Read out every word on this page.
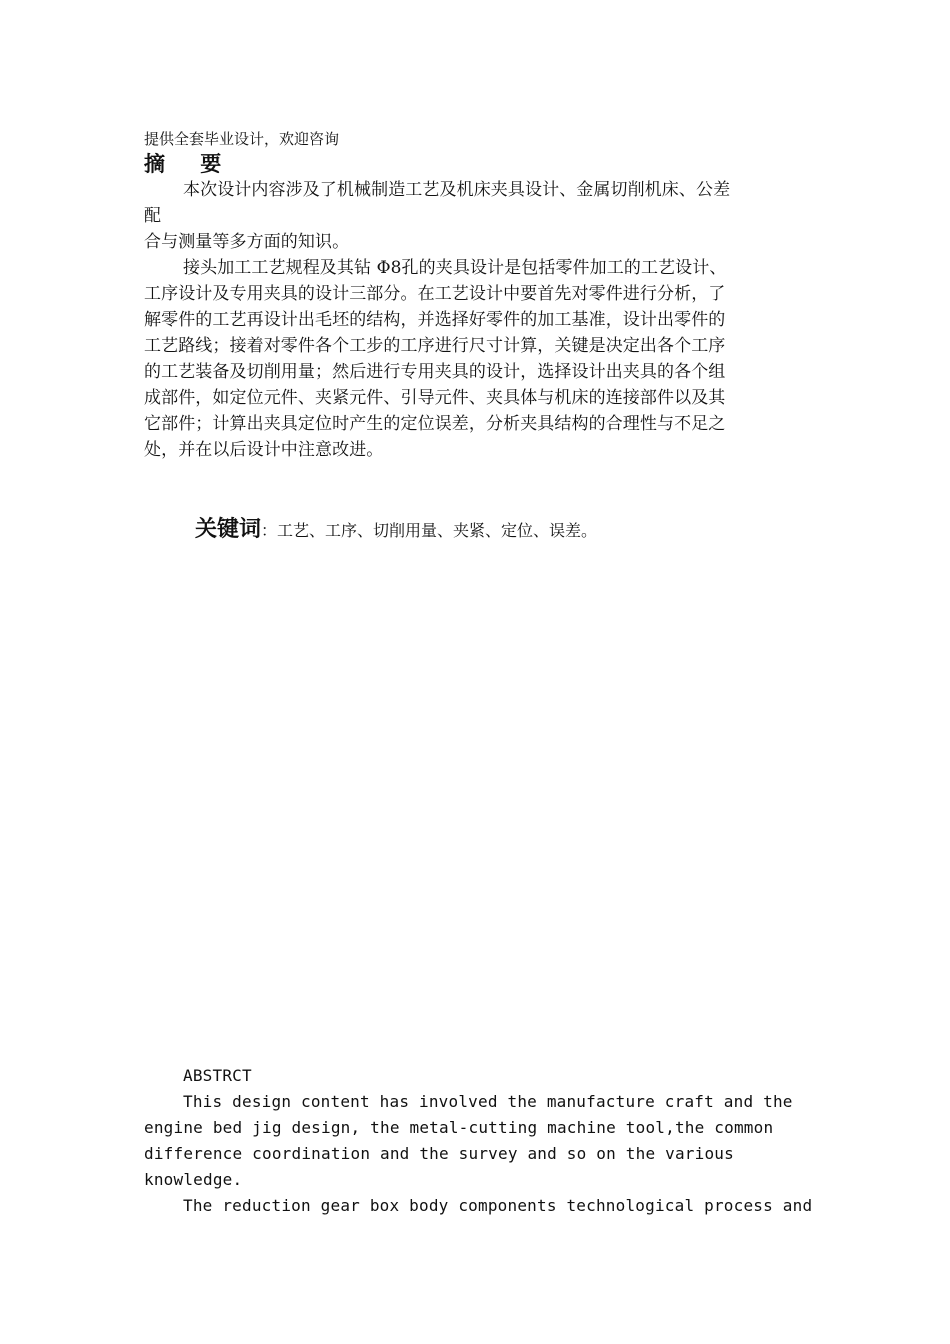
提供全套毕业设计，欢迎咨询
摘 要
本次设计内容涉及了机械制造工艺及机床夹具设计、金属切削机床、公差
配
合与测量等多方面的知识。
接头加工工艺规程及其钻 Φ8孔的夹具设计是包括零件加工的工艺设计、
工序设计及专用夹具的设计三部分。在工艺设计中要首先对零件进行分析，了
解零件的工艺再设计出毛坯的结构，并选择好零件的加工基准，设计出零件的
工艺路线；接着对零件各个工步的工序进行尺寸计算，关键是决定出各个工序
的工艺装备及切削用量；然后进行专用夹具的设计，选择设计出夹具的各个组
成部件，如定位元件、夹紧元件、引导元件、夹具体与机床的连接部件以及其
它部件；计算出夹具定位时产生的定位误差，分析夹具结构的合理性与不足之
处，并在以后设计中注意改进。
关键词：工艺、工序、切削用量、夹紧、定位、误差。
ABSTRCT
This design content has involved the manufacture craft and the
engine bed jig design, the metal-cutting machine tool,the common
difference coordination and the survey and so on the various
knowledge.
The reduction gear box body components technological process and
